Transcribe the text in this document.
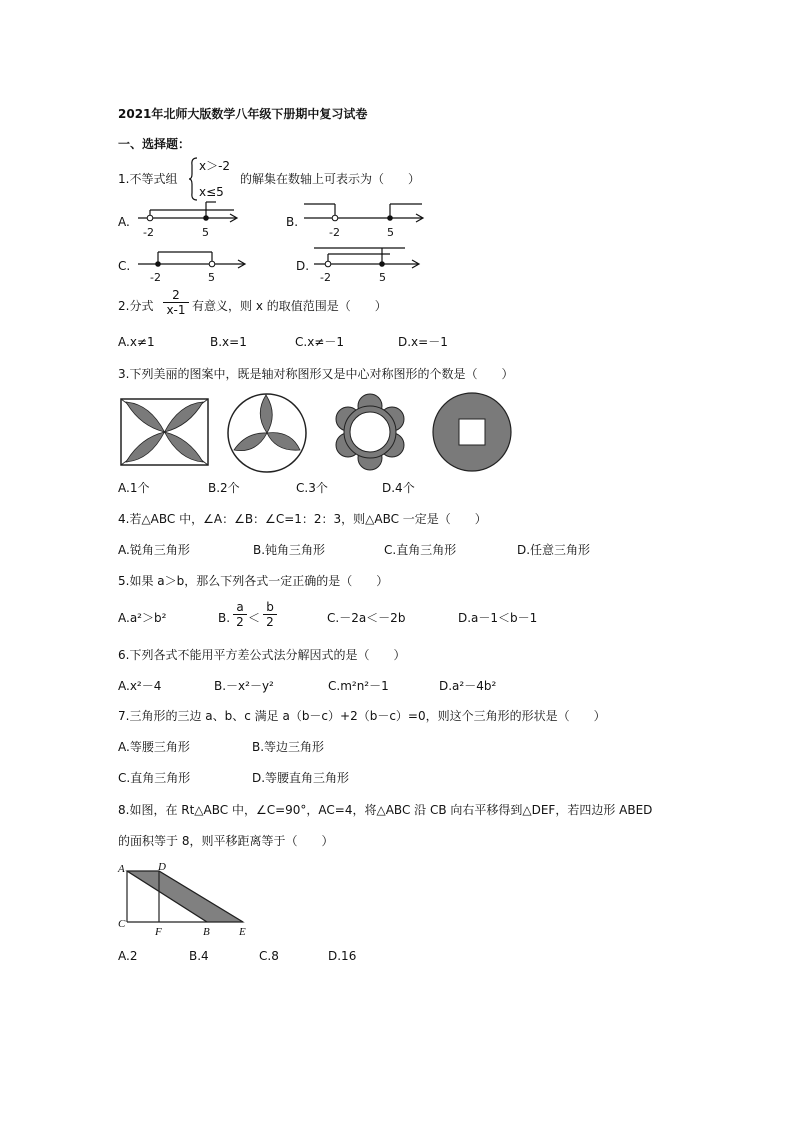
2021年北师大版数学八年级下册期中复习试卷
一、选择题：
1.不等式组
x＞-2
x≤5
的解集在数轴上可表示为（　　）
A.
-2	5
B.
-2	5
C.
-2	5
D.
-2	5
2.分式 $\frac{2}{x-1}$ 有意义，则 x 的取值范围是（　　）
A.x≠1	B.x=1	C.x≠－1	D.x=－1
3.下列美丽的图案中，既是轴对称图形又是中心对称图形的个数是（　　）
A.1个	B.2个	C.3个	D.4个
4.若△ABC 中，∠A：∠B：∠C=1：2：3，则△ABC 一定是（　　）
A.锐角三角形	B.钝角三角形	C.直角三角形	D.任意三角形
5.如果 a＞b，那么下列各式一定正确的是（　　）
A.a²＞b²	B. $\frac{a}{2} < \frac{b}{2}$	C.－2a＜－2b	D.a－1＜b－1
6.下列各式不能用平方差公式法分解因式的是（　　）
A.x²－4	B.－x²－y²	C.m²n²－1	D.a²－4b²
7.三角形的三边 a、b、c 满足 a（b－c）+2（b－c）=0，则这个三角形的形状是（　　）
A.等腰三角形	B.等边三角形
C.直角三角形	D.等腰直角三角形
8.如图，在 Rt△ABC 中，∠C=90°，AC=4，将△ABC 沿 CB 向右平移得到△DEF，若四边形 ABED
的面积等于 8，则平移距离等于（　　）
A	D
C
F	B	E
A.2	B.4	C.8	D.16
